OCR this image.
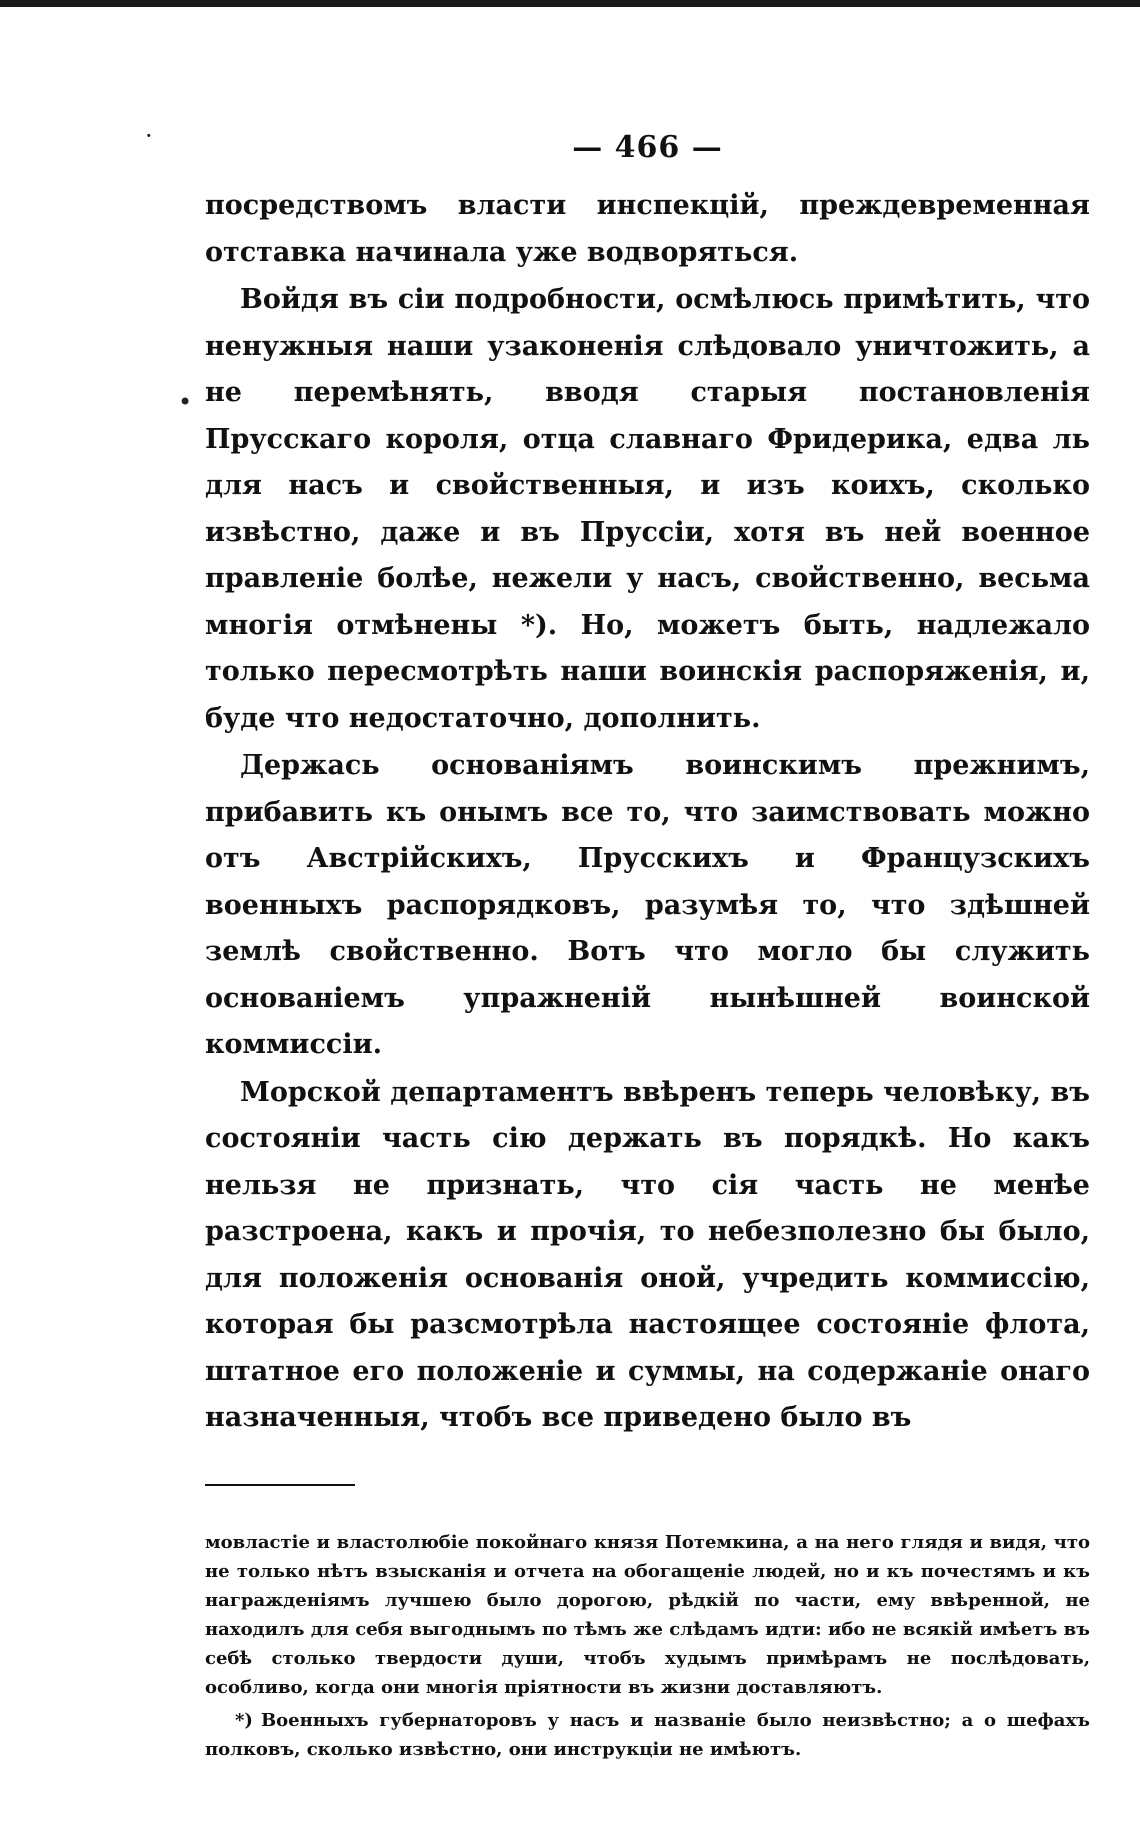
·
•
— 466 —

посредствомъ власти инспекцій, преждевременная отставка начинала уже водворяться.

Войдя въ сіи подробности, осмѣлюсь примѣтить, что ненужныя наши узаконенія слѣдовало уничтожить, а не перемѣнять, вводя старыя постановленія Прусскаго короля, отца славнаго Фридерика, едва ль для насъ и свойственныя, и изъ коихъ, сколько извѣстно, даже и въ Пруссіи, хотя въ ней военное правленіе болѣе, нежели у насъ, свойственно, весьма многія отмѣнены *). Но, можетъ быть, надлежало только пересмотрѣть наши воинскія распоряженія, и, буде что недостаточно, дополнить.

Держась основаніямъ воинскимъ прежнимъ, прибавить къ онымъ все то, что заимствовать можно отъ Австрійскихъ, Прусскихъ и Французскихъ военныхъ распорядковъ, разумѣя то, что здѣшней землѣ свойственно. Вотъ что могло бы служить основаніемъ упражненій нынѣшней воинской коммиссіи.

Морской департаментъ ввѣренъ теперь человѣку, въ состояніи часть сію держать въ порядкѣ. Но какъ нельзя не признать, что сія часть не менѣе разстроена, какъ и прочія, то небезполезно бы было, для положенія основанія оной, учредить коммиссію, которая бы разсмотрѣла настоящее состояніе флота, штатное его положеніе и суммы, на содержаніе онаго назначенныя, чтобъ все приведено было въ

мовластіе и властолюбіе покойнаго князя Потемкина, а на него глядя и видя, что не только нѣтъ взысканія и отчета на обогащеніе людей, но и къ почестямъ и къ награжденіямъ лучшею было дорогою, рѣдкій по части, ему ввѣренной, не находилъ для себя выгоднымъ по тѣмъ же слѣдамъ идти: ибо не всякій имѣетъ въ себѣ столько твердости души, чтобъ худымъ примѣрамъ не послѣдовать, особливо, когда они многія пріятности въ жизни доставляютъ.

*) Военныхъ губернаторовъ у насъ и названіе было неизвѣстно; а о шефахъ полковъ, сколько извѣстно, они инструкціи не имѣютъ.
